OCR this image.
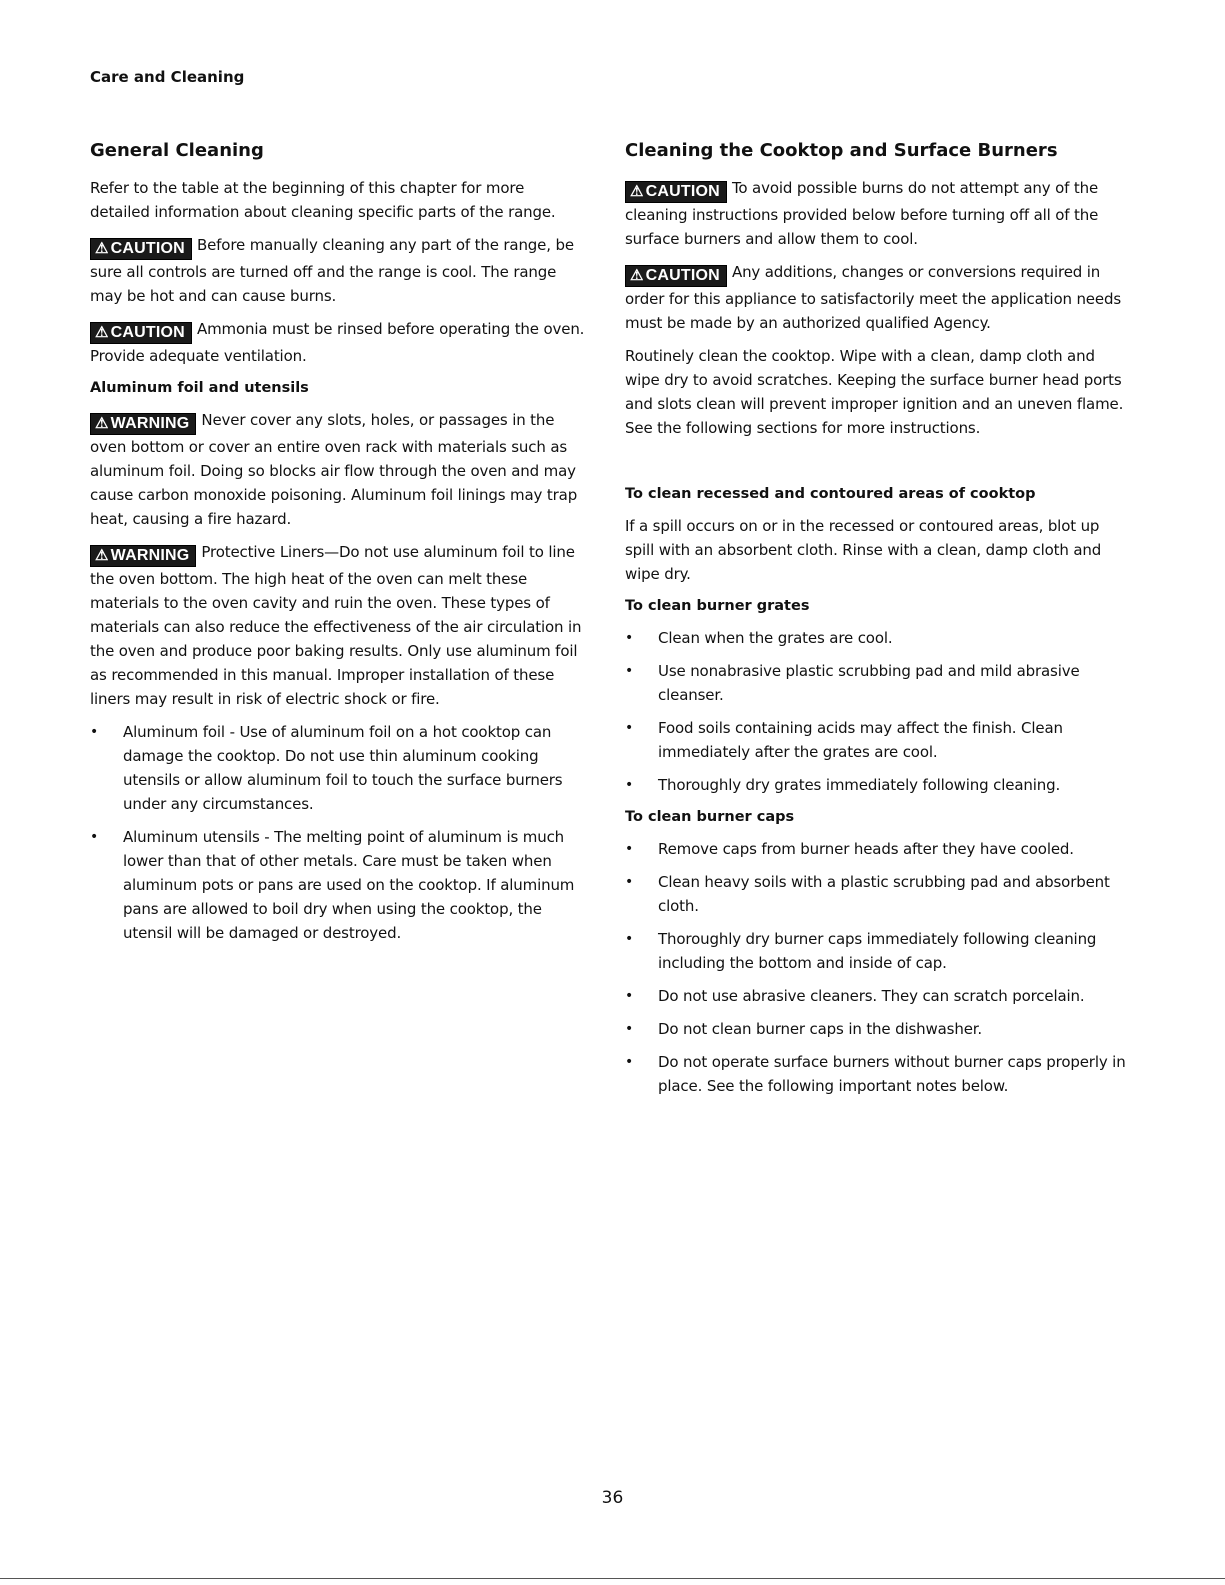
Care and Cleaning
General Cleaning

Refer to the table at the beginning of this chapter for more detailed information about cleaning specific parts of the range.

⚠ CAUTION Before manually cleaning any part of the range, be sure all controls are turned off and the range is cool. The range may be hot and can cause burns.

⚠ CAUTION Ammonia must be rinsed before operating the oven. Provide adequate ventilation.

Aluminum foil and utensils

⚠ WARNING Never cover any slots, holes, or passages in the oven bottom or cover an entire oven rack with materials such as aluminum foil. Doing so blocks air flow through the oven and may cause carbon monoxide poisoning. Aluminum foil linings may trap heat, causing a fire hazard.

⚠ WARNING Protective Liners—Do not use aluminum foil to line the oven bottom. The high heat of the oven can melt these materials to the oven cavity and ruin the oven. These types of materials can also reduce the effectiveness of the air circulation in the oven and produce poor baking results. Only use aluminum foil as recommended in this manual. Improper installation of these liners may result in risk of electric shock or fire.

• Aluminum foil - Use of aluminum foil on a hot cooktop can damage the cooktop. Do not use thin aluminum cooking utensils or allow aluminum foil to touch the surface burners under any circumstances.
• Aluminum utensils - The melting point of aluminum is much lower than that of other metals. Care must be taken when aluminum pots or pans are used on the cooktop. If aluminum pans are allowed to boil dry when using the cooktop, the utensil will be damaged or destroyed.
Cleaning the Cooktop and Surface Burners

⚠ CAUTION To avoid possible burns do not attempt any of the cleaning instructions provided below before turning off all of the surface burners and allow them to cool.

⚠ CAUTION Any additions, changes or conversions required in order for this appliance to satisfactorily meet the application needs must be made by an authorized qualified Agency.

Routinely clean the cooktop. Wipe with a clean, damp cloth and wipe dry to avoid scratches. Keeping the surface burner head ports and slots clean will prevent improper ignition and an uneven flame. See the following sections for more instructions.

To clean recessed and contoured areas of cooktop

If a spill occurs on or in the recessed or contoured areas, blot up spill with an absorbent cloth. Rinse with a clean, damp cloth and wipe dry.

To clean burner grates
• Clean when the grates are cool.
• Use nonabrasive plastic scrubbing pad and mild abrasive cleanser.
• Food soils containing acids may affect the finish. Clean immediately after the grates are cool.
• Thoroughly dry grates immediately following cleaning.
To clean burner caps
• Remove caps from burner heads after they have cooled.
• Clean heavy soils with a plastic scrubbing pad and absorbent cloth.
• Thoroughly dry burner caps immediately following cleaning including the bottom and inside of cap.
• Do not use abrasive cleaners. They can scratch porcelain.
• Do not clean burner caps in the dishwasher.
• Do not operate surface burners without burner caps properly in place. See the following important notes below.
36
